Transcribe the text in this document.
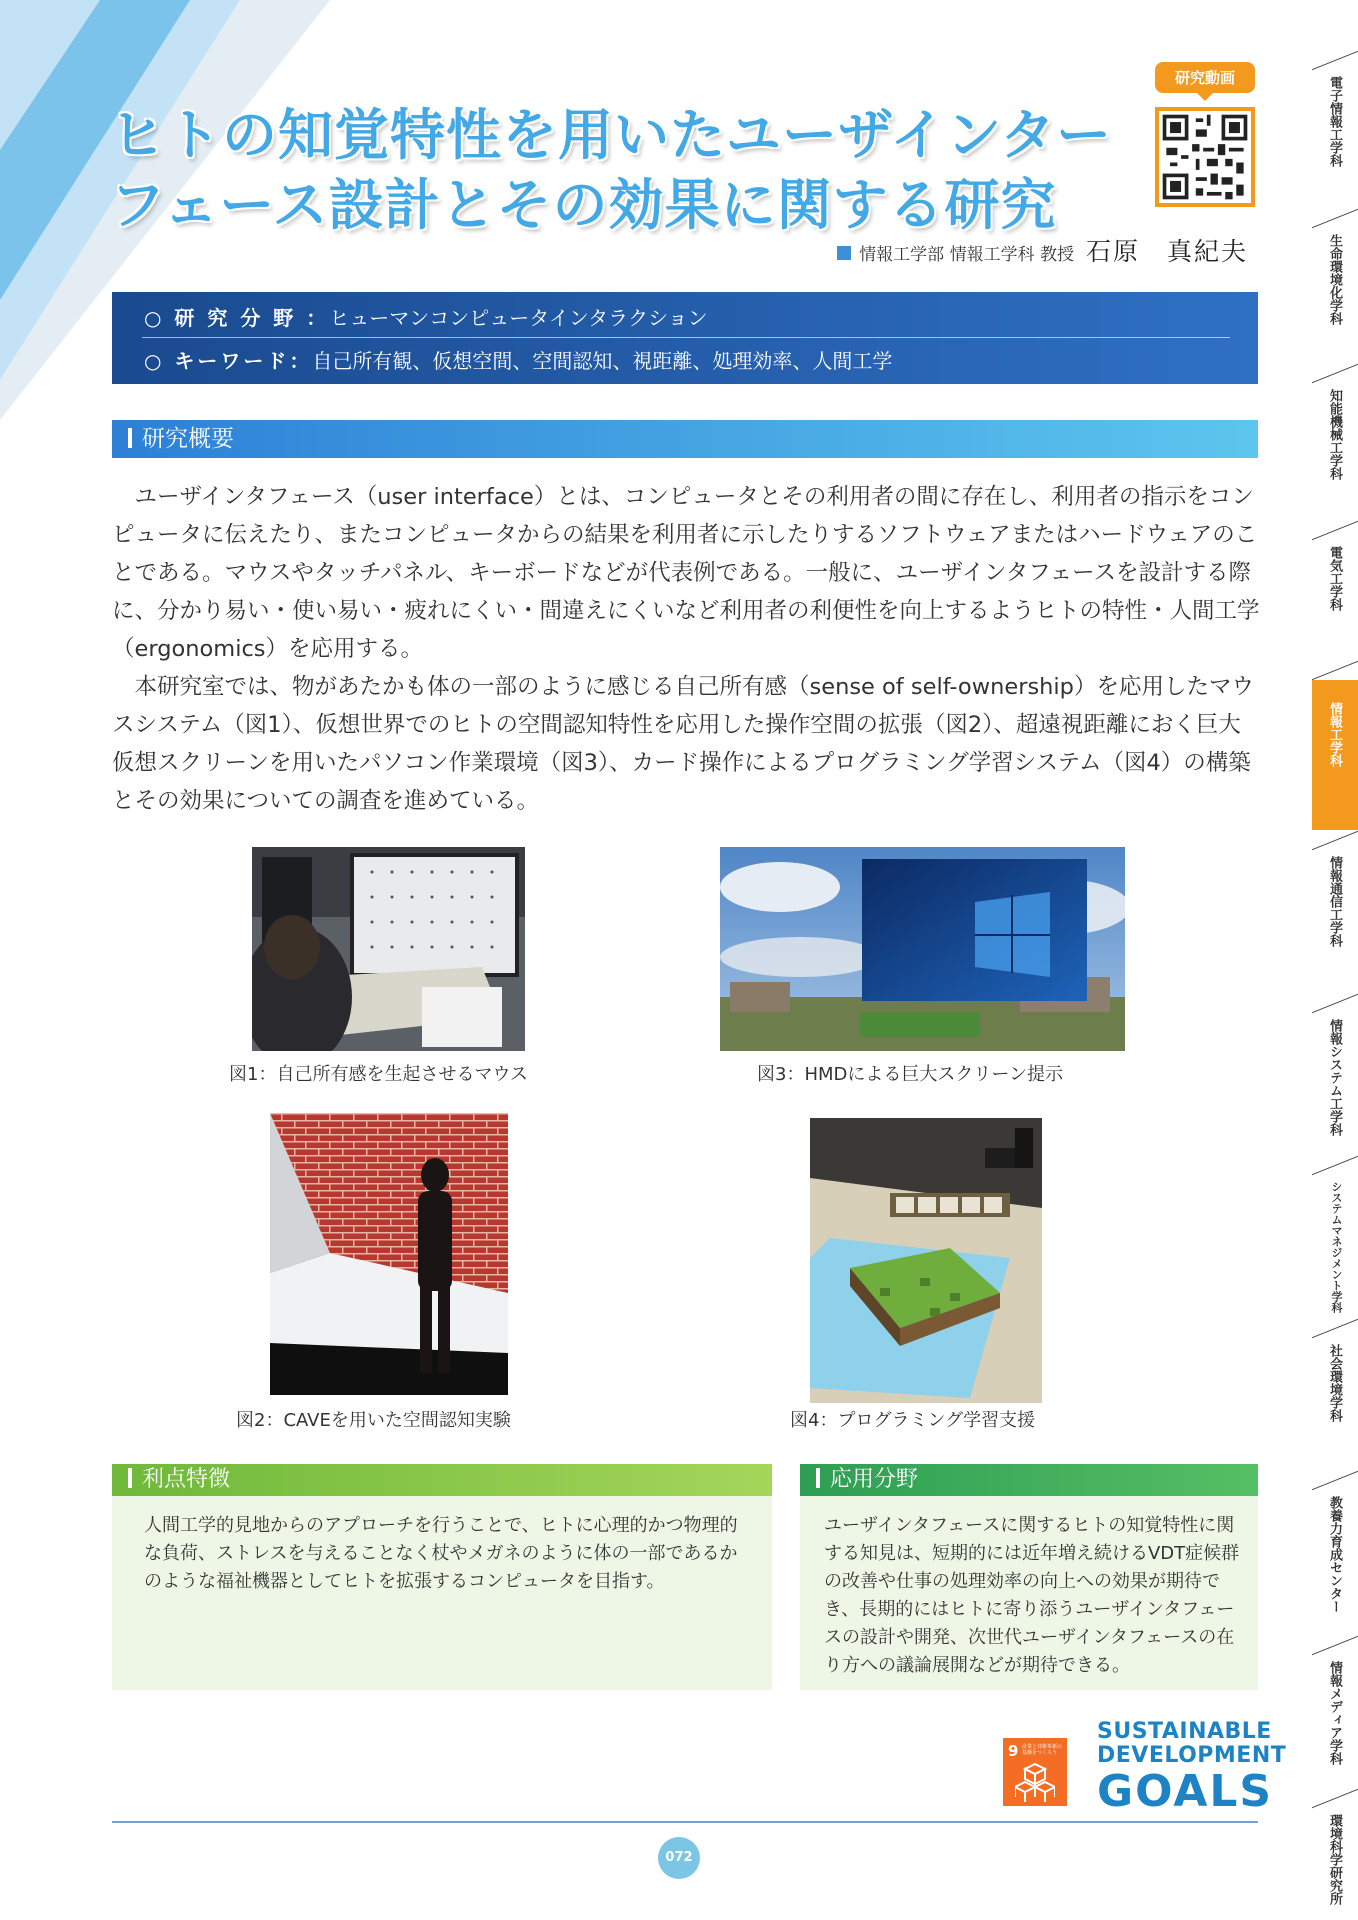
ヒトの知覚特性を用いたユーザインター
フェース設計とその効果に関する研究
研究動画
情報工学部 情報工学科 教授 石原　真紀夫
○ 研 究 分 野 ：ヒューマンコンピュータインタラクション
○ キーワード：自己所有観、仮想空間、空間認知、視距離、処理効率、人間工学
研究概要

ユーザインタフェース（user interface）とは、コンピュータとその利用者の間に存在し、利用者の指示をコンピュータに伝えたり、またコンピュータからの結果を利用者に示したりするソフトウェアまたはハードウェアのことである。マウスやタッチパネル、キーボードなどが代表例である。一般に、ユーザインタフェースを設計する際に、分かり易い・使い易い・疲れにくい・間違えにくいなど利用者の利便性を向上するようヒトの特性・人間工学（ergonomics）を応用する。

本研究室では、物があたかも体の一部のように感じる自己所有感（sense of self-ownership）を応用したマウスシステム（図1）、仮想世界でのヒトの空間認知特性を応用した操作空間の拡張（図2）、超遠視距離におく巨大仮想スクリーンを用いたパソコン作業環境（図3）、カード操作によるプログラミング学習システム（図4）の構築とその効果についての調査を進めている。

図1：自己所有感を生起させるマウス	図3：HMDによる巨大スクリーン提示
図2：CAVEを用いた空間認知実験	図4：プログラミング学習支援
利点特徴
人間工学的見地からのアプローチを行うことで、ヒトに心理的かつ物理的な負荷、ストレスを与えることなく杖やメガネのように体の一部であるかのような福祉機器としてヒトを拡張するコンピュータを目指す。
応用分野
ユーザインタフェースに関するヒトの知覚特性に関する知見は、短期的には近年増え続けるVDT症候群の改善や仕事の処理効率の向上への効果が期待でき、長期的にはヒトに寄り添うユーザインタフェースの設計や開発、次世代ユーザインタフェースの在り方への議論展開などが期待できる。
9 産業と技術革新の基盤をつくろう
SUSTAINABLE
DEVELOPMENT
GOALS
072
電子情報工学科
生命環境化学科
知能機械工学科
電気工学科
情報工学科
情報通信工学科
情報システム工学科
システムマネジメント学科
社会環境学科
教養力育成センター
情報メディア学科
環境科学研究所
